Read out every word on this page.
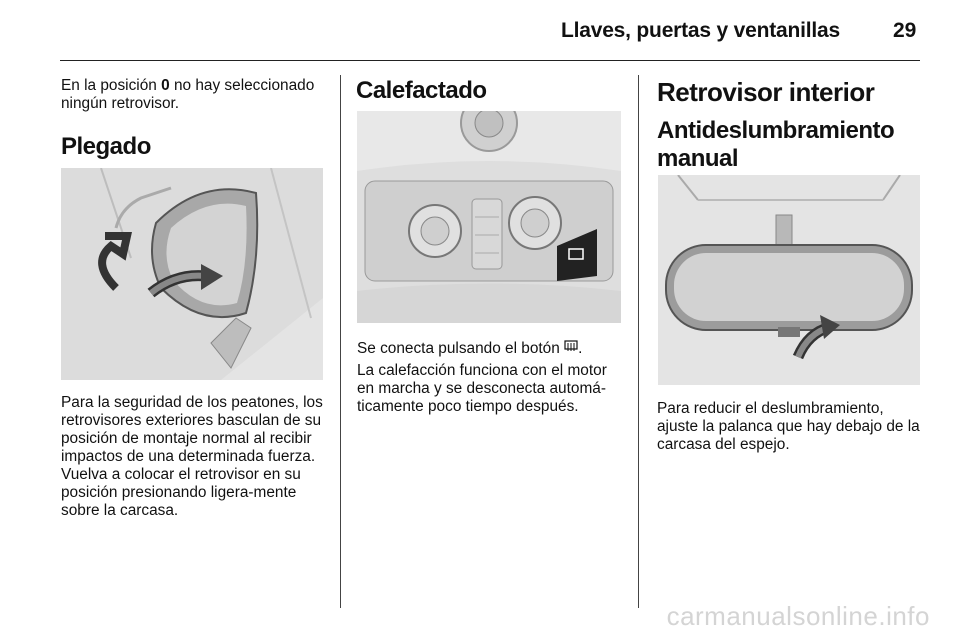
Llaves, puertas y ventanillas	29

En la posición 0 no hay seleccionado ningún retrovisor.

Plegado

Para la seguridad de los peatones, los retrovisores exteriores basculan de su posición de montaje normal al recibir impactos de una determinada fuerza. Vuelva a colocar el retrovisor en su posición presionando ligera-mente sobre la carcasa.

Calefactado

Se conecta pulsando el botón .

La calefacción funciona con el motor en marcha y se desconecta automá-ticamente poco tiempo después.

Retrovisor interior
Antideslumbramiento manual

Para reducir el deslumbramiento, ajuste la palanca que hay debajo de la carcasa del espejo.

carmanualsonline.info
